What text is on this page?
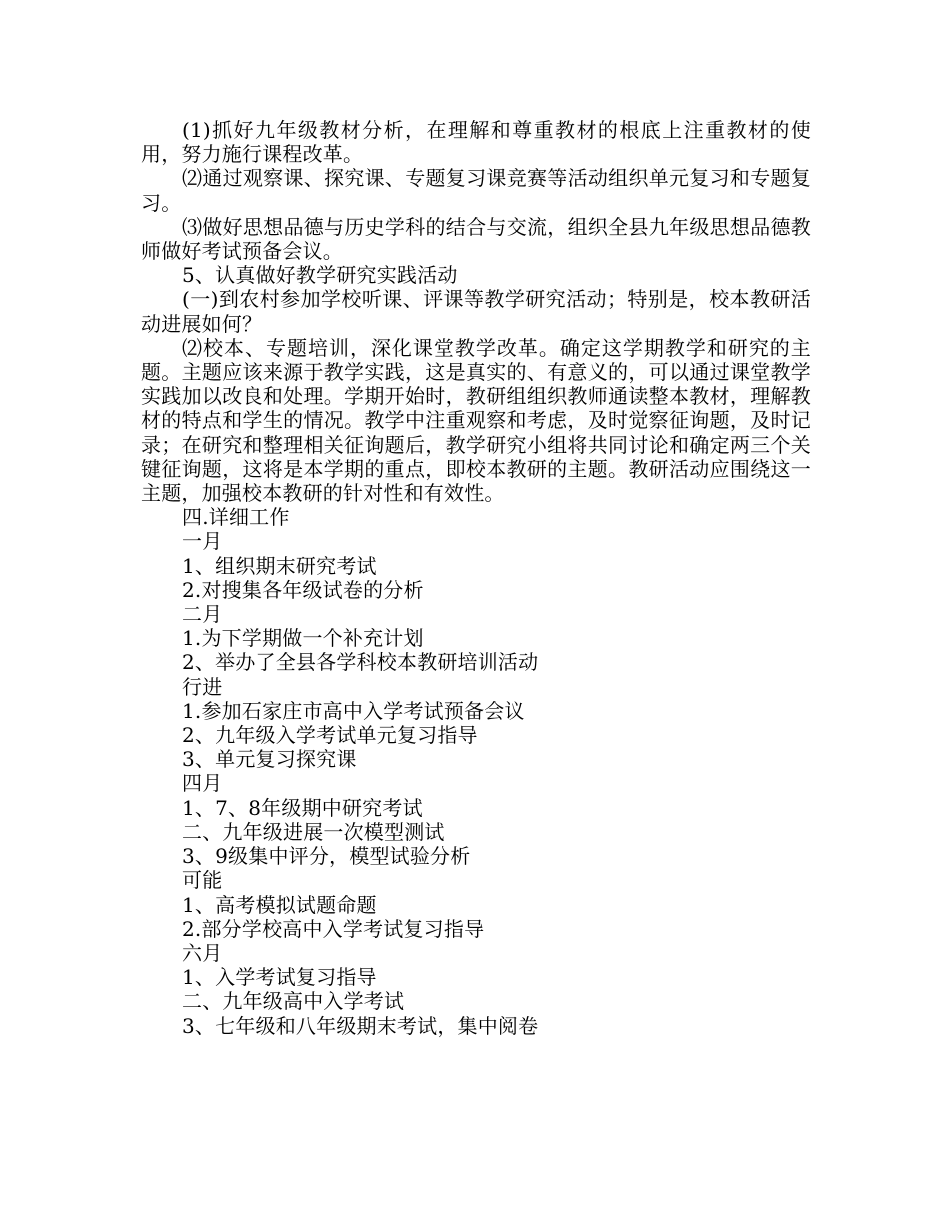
(1)抓好九年级教材分析，在理解和尊重教材的根底上注重教材的使用，努力施行课程改革。

⑵通过观察课、探究课、专题复习课竞赛等活动组织单元复习和专题复习。

⑶做好思想品德与历史学科的结合与交流，组织全县九年级思想品德教师做好考试预备会议。

5、认真做好教学研究实践活动

(一)到农村参加学校听课、评课等教学研究活动；特别是，校本教研活动进展如何？

⑵校本、专题培训，深化课堂教学改革。确定这学期教学和研究的主题。主题应该来源于教学实践，这是真实的、有意义的，可以通过课堂教学实践加以改良和处理。学期开始时，教研组组织教师通读整本教材，理解教材的特点和学生的情况。教学中注重观察和考虑，及时觉察征询题，及时记录；在研究和整理相关征询题后，教学研究小组将共同讨论和确定两三个关键征询题，这将是本学期的重点，即校本教研的主题。教研活动应围绕这一主题，加强校本教研的针对性和有效性。

四.详细工作

一月

1、组织期末研究考试

2.对搜集各年级试卷的分析

二月

1.为下学期做一个补充计划

2、举办了全县各学科校本教研培训活动

行进

1.参加石家庄市高中入学考试预备会议

2、九年级入学考试单元复习指导

3、单元复习探究课

四月

1、7、8年级期中研究考试

二、九年级进展一次模型测试

3、9级集中评分，模型试验分析

可能

1、高考模拟试题命题

2.部分学校高中入学考试复习指导

六月

1、入学考试复习指导

二、九年级高中入学考试

3、七年级和八年级期末考试，集中阅卷
